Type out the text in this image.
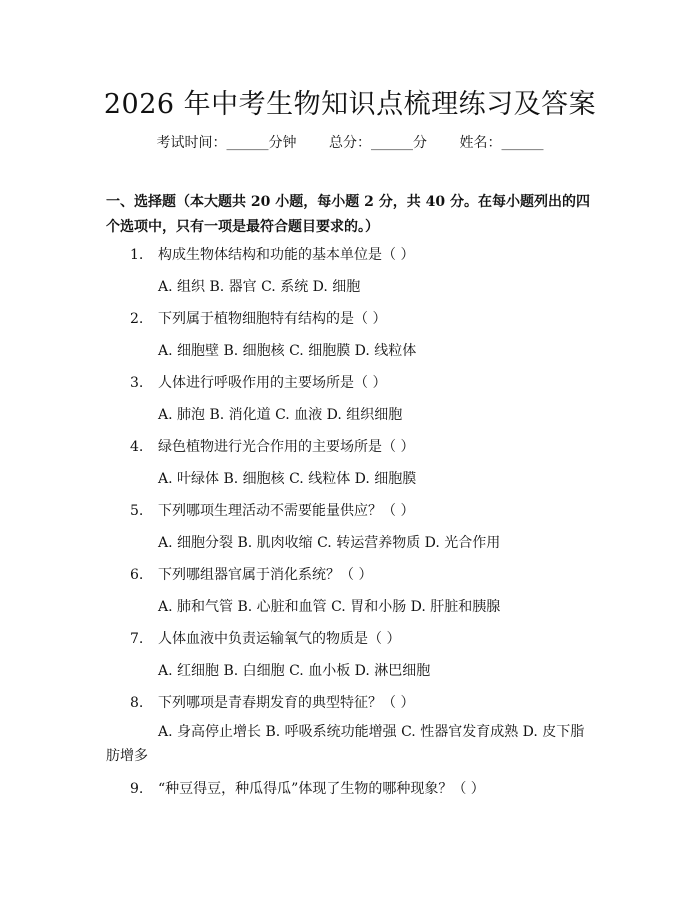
2026 年中考生物知识点梳理练习及答案
考试时间：______分钟 总分：______分 姓名：______
一、选择题（本大题共 20 小题，每小题 2 分，共 40 分。在每小题列出的四个选项中，只有一项是最符合题目要求的。）
1. 构成生物体结构和功能的基本单位是（ ）
A. 组织 B. 器官 C. 系统 D. 细胞
2. 下列属于植物细胞特有结构的是（ ）
A. 细胞壁 B. 细胞核 C. 细胞膜 D. 线粒体
3. 人体进行呼吸作用的主要场所是（ ）
A. 肺泡 B. 消化道 C. 血液 D. 组织细胞
4. 绿色植物进行光合作用的主要场所是（ ）
A. 叶绿体 B. 细胞核 C. 线粒体 D. 细胞膜
5. 下列哪项生理活动不需要能量供应？（ ）
A. 细胞分裂 B. 肌肉收缩 C. 转运营养物质 D. 光合作用
6. 下列哪组器官属于消化系统？（ ）
A. 肺和气管 B. 心脏和血管 C. 胃和小肠 D. 肝脏和胰腺
7. 人体血液中负责运输氧气的物质是（ ）
A. 红细胞 B. 白细胞 C. 血小板 D. 淋巴细胞
8. 下列哪项是青春期发育的典型特征？（ ）
A. 身高停止增长 B. 呼吸系统功能增强 C. 性器官发育成熟 D. 皮下脂肪增多
9. “种豆得豆，种瓜得瓜”体现了生物的哪种现象？（ ）
